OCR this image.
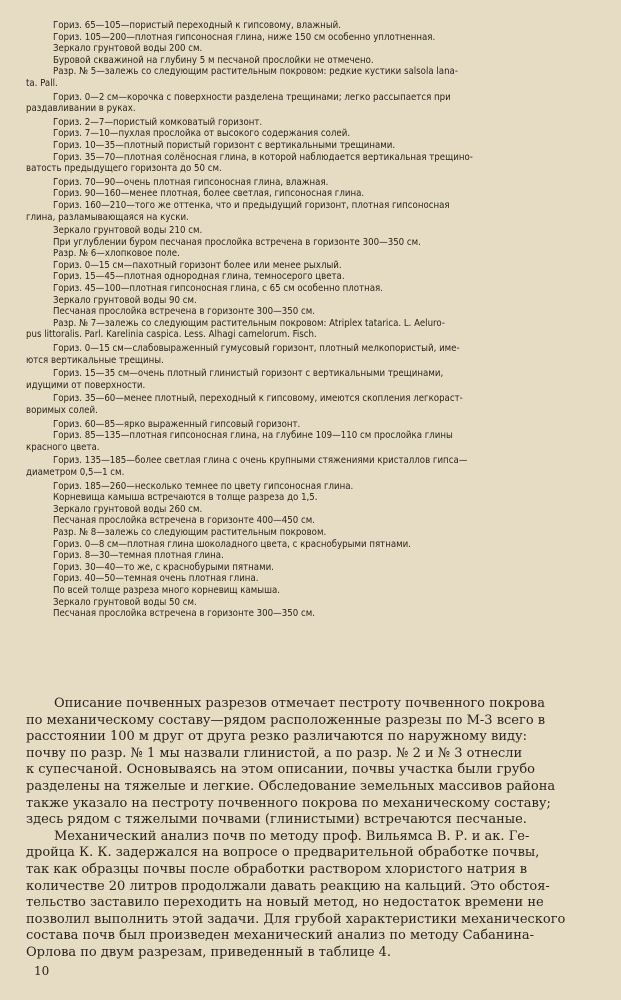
Гориз. 65—105—пористый переходный к гипсовому, влажный.
Гориз. 105—200—плотная гипсоносная глина, ниже 150 см особенно уплотненная.
Зеркало грунтовой воды 200 см.
Буровой скважиной на глубину 5 м песчаной прослойки не отмечено.
Разр. № 5—залежь со следующим растительным покровом: редкие кустики salsola lana-
ta. Pall.
Гориз. 0—2 см—корочка с поверхности разделена трещинами; легко рассыпается при
раздавливании в руках.
Гориз. 2—7—пористый комковатый горизонт.
Гориз. 7—10—пухлая прослойка от высокого содержания солей.
Гориз. 10—35—плотный пористый горизонт с вертикальными трещинами.
Гориз. 35—70—плотная солёносная глина, в которой наблюдается вертикальная трещино-
ватость предыдущего горизонта до 50 см.
Гориз. 70—90—очень плотная гипсоносная глина, влажная.
Гориз. 90—160—менее плотная, более светлая, гипсоносная глина.
Гориз. 160—210—того же оттенка, что и предыдущий горизонт, плотная гипсоносная
глина, разламывающаяся на куски.
Зеркало грунтовой воды 210 см.
При углублении буром песчаная прослойка встречена в горизонте 300—350 см.
Разр. № 6—хлопковое поле.
Гориз. 0—15 см—пахотный горизонт более или менее рыхлый.
Гориз. 15—45—плотная однородная глина, темносерого цвета.
Гориз. 45—100—плотная гипсоносная глина, с 65 см особенно плотная.
Зеркало грунтовой воды 90 см.
Песчаная прослойка встречена в горизонте 300—350 см.
Разр. № 7—залежь со следующим растительным покровом: Atriplex tatarica. L. Aeluro-
pus littoralis. Parl. Karelinia caspica. Less. Alhagi camelorum. Fisch.
Гориз. 0—15 см—слабовыраженный гумусовый горизонт, плотный мелкопористый, име-
ются вертикальные трещины.
Гориз. 15—35 см—очень плотный глинистый горизонт с вертикальными трещинами,
идущими от поверхности.
Гориз. 35—60—менее плотный, переходный к гипсовому, имеются скопления легкораст-
воримых солей.
Гориз. 60—85—ярко выраженный гипсовый горизонт.
Гориз. 85—135—плотная гипсоносная глина, на глубине 109—110 см прослойка глины
красного цвета.
Гориз. 135—185—более светлая глина с очень крупными стяжениями кристаллов гипса—
диаметром 0,5—1 см.
Гориз. 185—260—несколько темнее по цвету гипсоносная глина.
Корневища камыша встречаются в толще разреза до 1,5.
Зеркало грунтовой воды 260 см.
Песчаная прослойка встречена в горизонте 400—450 см.
Разр. № 8—залежь со следующим растительным покровом.
Гориз. 0—8 см—плотная глина шоколадного цвета, с краснобурыми пятнами.
Гориз. 8—30—темная плотная глина.
Гориз. 30—40—то же, с краснобурыми пятнами.
Гориз. 40—50—темная очень плотная глина.
По всей толще разреза много корневищ камыша.
Зеркало грунтовой воды 50 см.
Песчаная прослойка встречена в горизонте 300—350 см.
Описание почвенных разрезов отмечает пестроту почвенного покрова
по механическому составу—рядом расположенные разрезы по М-3 всего в
расстоянии 100 м друг от друга резко различаются по наружному виду:
почву по разр. № 1 мы назвали глинистой, а по разр. № 2 и № 3 отнесли
к супесчаной. Основываясь на этом описании, почвы участка были грубо
разделены на тяжелые и легкие. Обследование земельных массивов района
также указало на пестроту почвенного покрова по механическому составу;
здесь рядом с тяжелыми почвами (глинистыми) встречаются песчаные.
Механический анализ почв по методу проф. Вильямса В. Р. и ак. Ге-
дройца К. К. задержался на вопросе о предварительной обработке почвы,
так как образцы почвы после обработки раствором хлористого натрия в
количестве 20 литров продолжали давать реакцию на кальций. Это обстоя-
тельство заставило переходить на новый метод, но недостаток времени не
позволил выполнить этой задачи. Для грубой характеристики механического
состава почв был произведен механический анализ по методу Сабанина-
Орлова по двум разрезам, приведенный в таблице 4.
10
